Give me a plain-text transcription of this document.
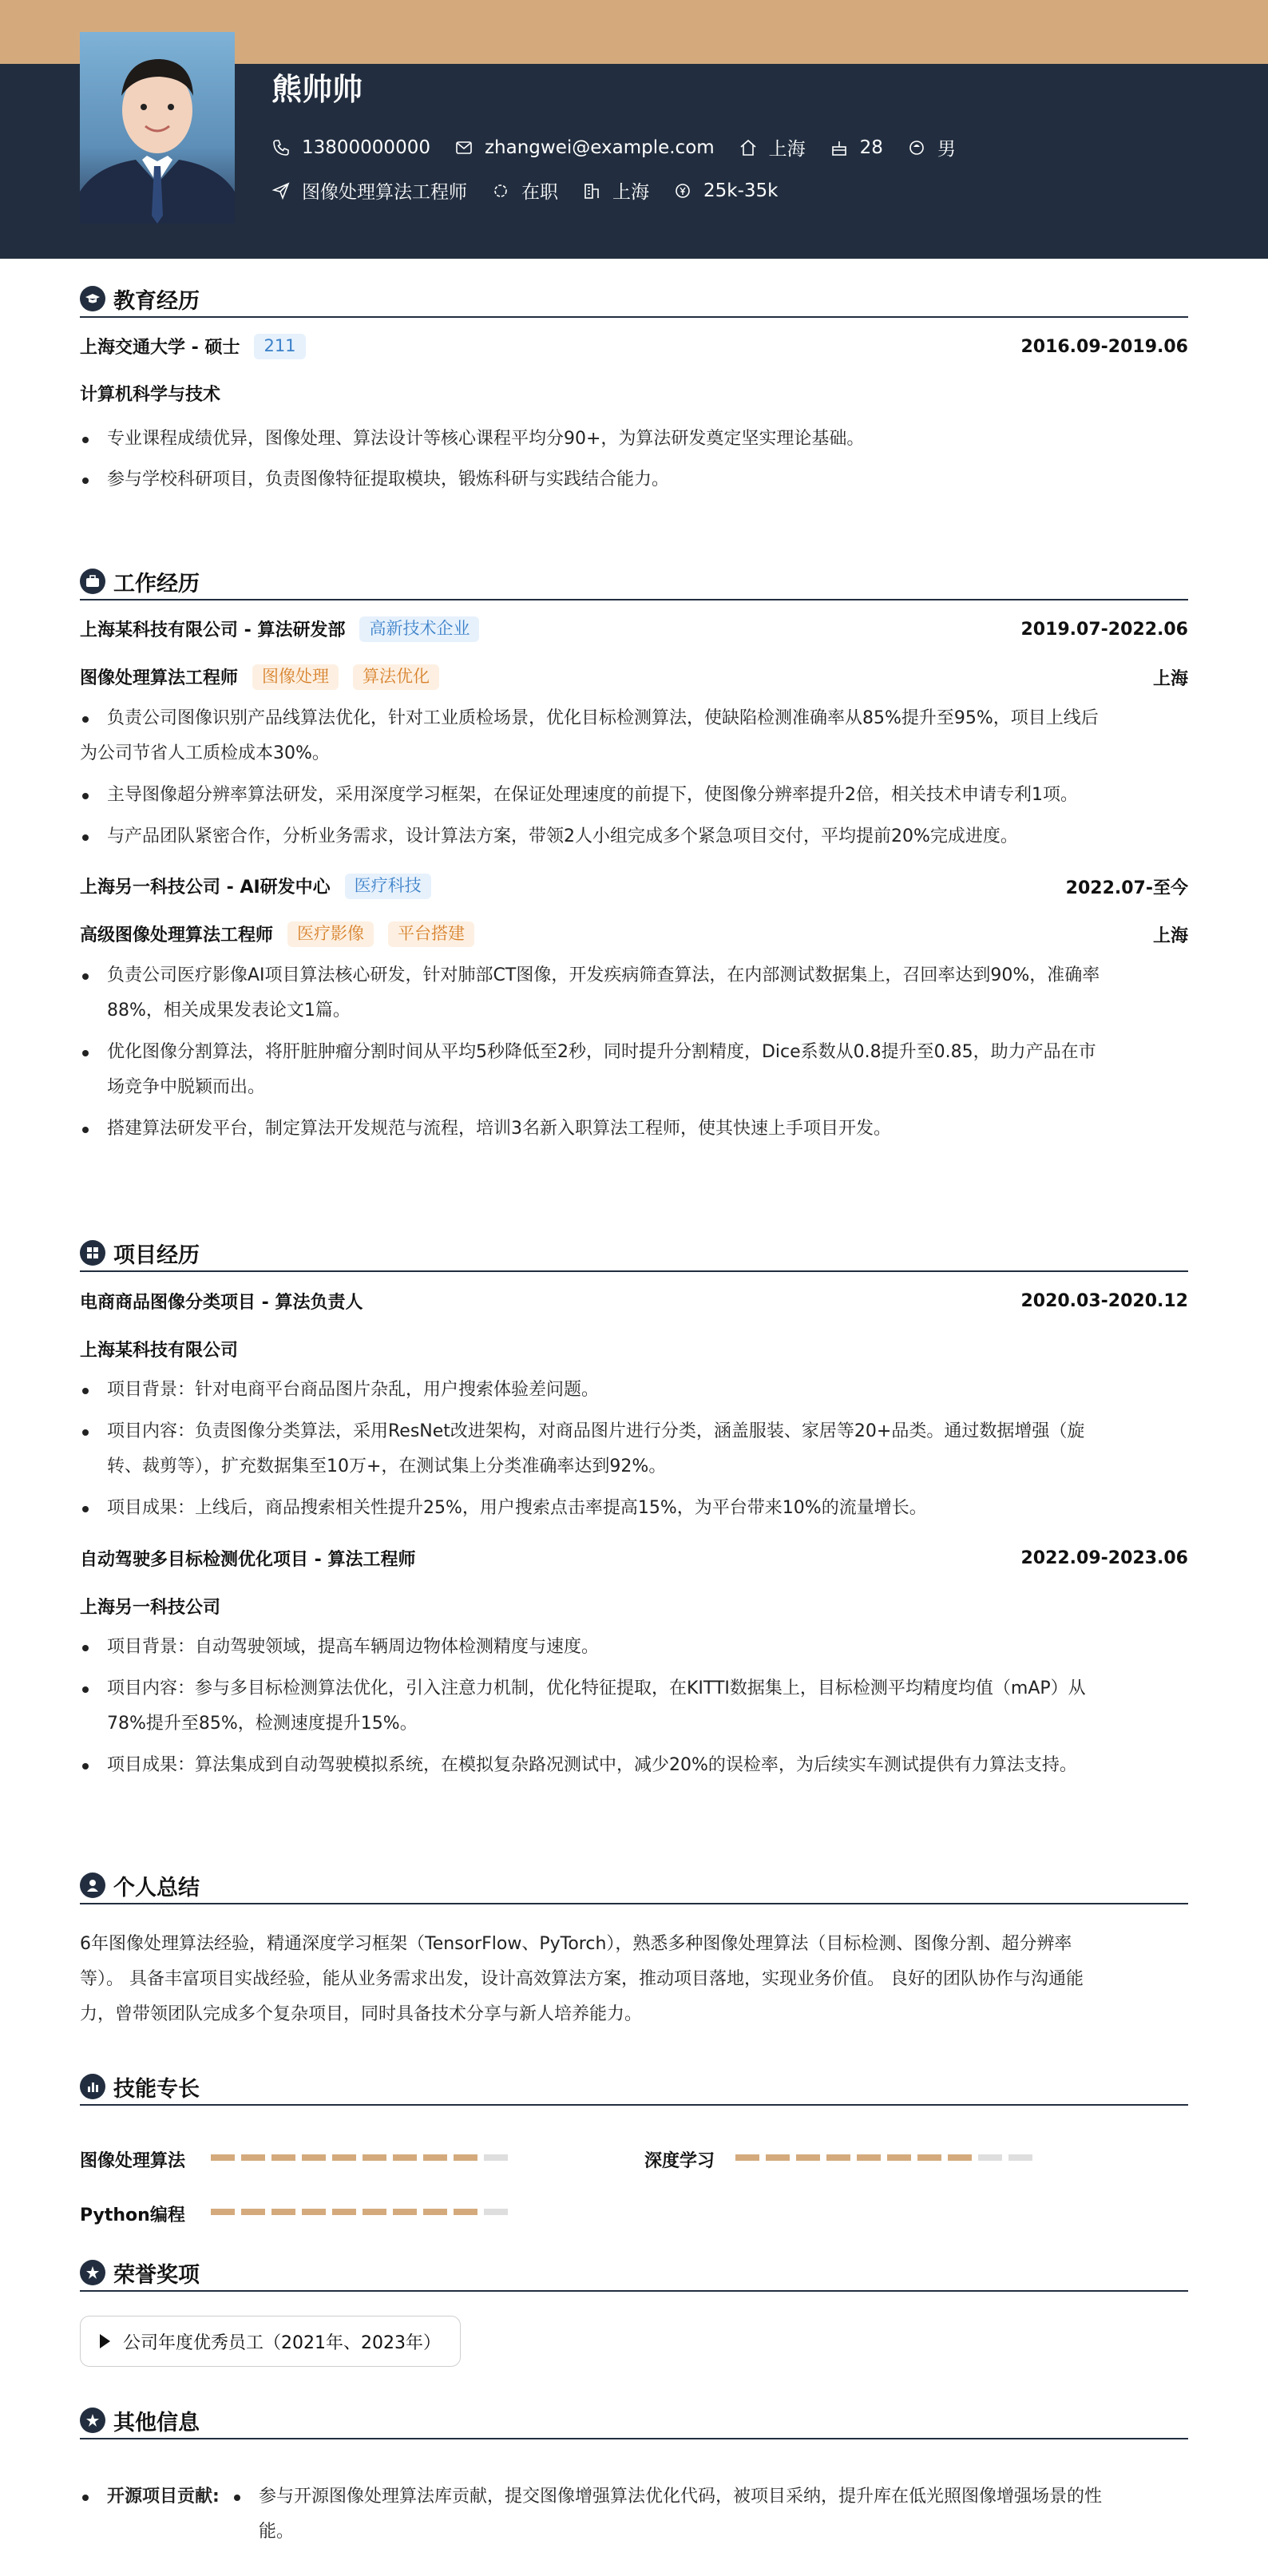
熊帅帅
13800000000	zhangwei@example.com	上海	28	男
图像处理算法工程师	在职	上海	25k-35k
教育经历
上海交通大学 - 硕士	211	2016.09-2019.06
计算机科学与技术
专业课程成绩优异，图像处理、算法设计等核心课程平均分90+，为算法研发奠定坚实理论基础。
参与学校科研项目，负责图像特征提取模块，锻炼科研与实践结合能力。
工作经历
上海某科技有限公司 - 算法研发部	高新技术企业	2019.07-2022.06
图像处理算法工程师	图像处理	算法优化	上海
负责公司图像识别产品线算法优化，针对工业质检场景，优化目标检测算法，使缺陷检测准确率从85%提升至95%，项目上线后
为公司节省人工质检成本30%。
主导图像超分辨率算法研发，采用深度学习框架，在保证处理速度的前提下，使图像分辨率提升2倍，相关技术申请专利1项。
与产品团队紧密合作，分析业务需求，设计算法方案，带领2人小组完成多个紧急项目交付，平均提前20%完成进度。
上海另一科技公司 - AI研发中心	医疗科技	2022.07-至今
高级图像处理算法工程师	医疗影像	平台搭建	上海
负责公司医疗影像AI项目算法核心研发，针对肺部CT图像，开发疾病筛查算法，在内部测试数据集上，召回率达到90%，准确率
88%，相关成果发表论文1篇。
优化图像分割算法，将肝脏肿瘤分割时间从平均5秒降低至2秒，同时提升分割精度，Dice系数从0.8提升至0.85，助力产品在市
场竞争中脱颖而出。
搭建算法研发平台，制定算法开发规范与流程，培训3名新入职算法工程师，使其快速上手项目开发。
项目经历
电商商品图像分类项目 - 算法负责人	2020.03-2020.12
上海某科技有限公司
项目背景：针对电商平台商品图片杂乱，用户搜索体验差问题。
项目内容：负责图像分类算法，采用ResNet改进架构，对商品图片进行分类，涵盖服装、家居等20+品类。通过数据增强（旋
转、裁剪等），扩充数据集至10万+，在测试集上分类准确率达到92%。
项目成果：上线后，商品搜索相关性提升25%，用户搜索点击率提高15%，为平台带来10%的流量增长。
自动驾驶多目标检测优化项目 - 算法工程师	2022.09-2023.06
上海另一科技公司
项目背景：自动驾驶领域，提高车辆周边物体检测精度与速度。
项目内容：参与多目标检测算法优化，引入注意力机制，优化特征提取，在KITTI数据集上，目标检测平均精度均值（mAP）从
78%提升至85%，检测速度提升15%。
项目成果：算法集成到自动驾驶模拟系统，在模拟复杂路况测试中，减少20%的误检率，为后续实车测试提供有力算法支持。
个人总结
6年图像处理算法经验，精通深度学习框架（TensorFlow、PyTorch），熟悉多种图像处理算法（目标检测、图像分割、超分辨率
等）。 具备丰富项目实战经验，能从业务需求出发，设计高效算法方案，推动项目落地，实现业务价值。 良好的团队协作与沟通能
力，曾带领团队完成多个复杂项目，同时具备技术分享与新人培养能力。
技能专长
图像处理算法	深度学习
Python编程
荣誉奖项
公司年度优秀员工（2021年、2023年）
其他信息
开源项目贡献:	参与开源图像处理算法库贡献，提交图像增强算法优化代码，被项目采纳，提升库在低光照图像增强场景的性
能。
